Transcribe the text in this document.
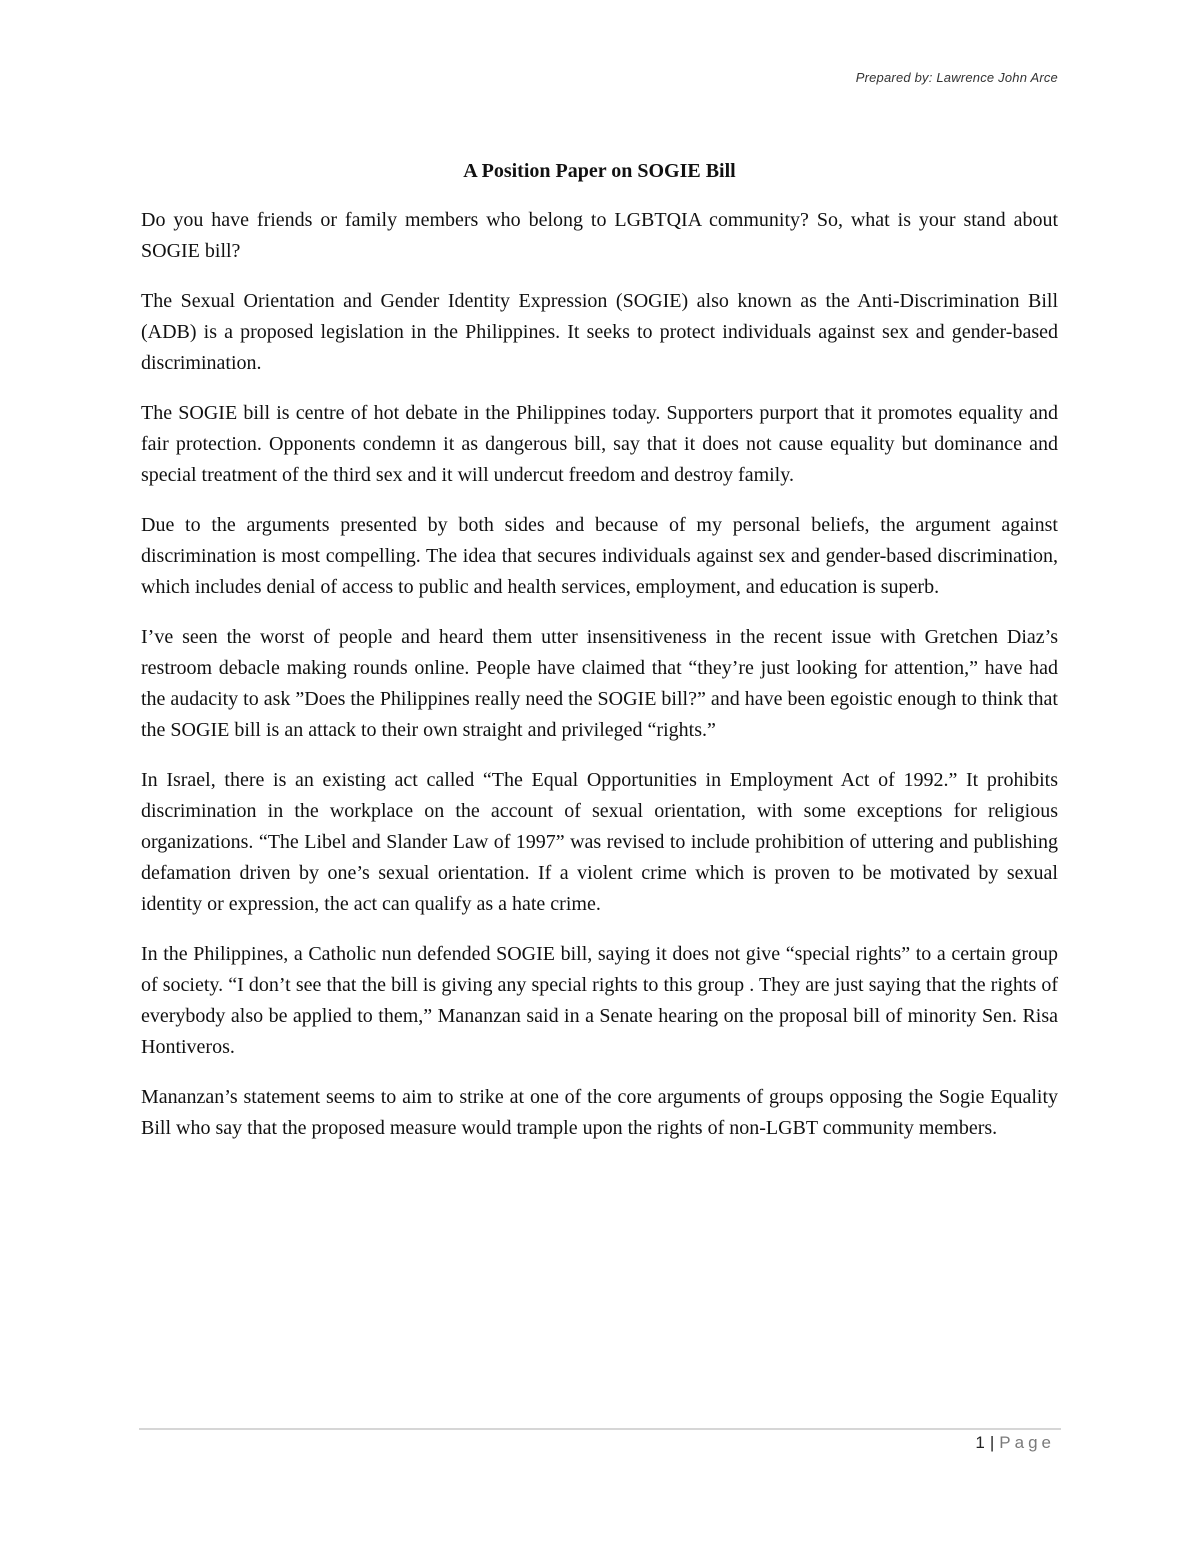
Prepared by: Lawrence John Arce
A Position Paper on SOGIE Bill

Do you have friends or family members who belong to LGBTQIA community? So, what is your stand about SOGIE bill?

The Sexual Orientation and Gender Identity Expression (SOGIE) also known as the Anti-Discrimination Bill (ADB) is a proposed legislation in the Philippines. It seeks to protect individuals against sex and gender-based discrimination.

The SOGIE bill is centre of hot debate in the Philippines today. Supporters purport that it promotes equality and fair protection. Opponents condemn it as dangerous bill, say that it does not cause equality but dominance and special treatment of the third sex and it will undercut freedom and destroy family.

Due to the arguments presented by both sides and because of my personal beliefs, the argument against discrimination is most compelling. The idea that secures individuals against sex and gender-based discrimination, which includes denial of access to public and health services, employment, and education is superb.

I’ve seen the worst of people and heard them utter insensitiveness in the recent issue with Gretchen Diaz’s restroom debacle making rounds online. People have claimed that “they’re just looking for attention,” have had the audacity to ask ”Does the Philippines really need the SOGIE bill?” and have been egoistic enough to think that the SOGIE bill is an attack to their own straight and privileged “rights.”

In Israel, there is an existing act called “The Equal Opportunities in Employment Act of 1992.” It prohibits discrimination in the workplace on the account of sexual orientation, with some exceptions for religious organizations. “The Libel and Slander Law of 1997” was revised to include prohibition of uttering and publishing defamation driven by one’s sexual orientation. If a violent crime which is proven to be motivated by sexual identity or expression, the act can qualify as a hate crime.

In the Philippines, a Catholic nun defended SOGIE bill, saying it does not give “special rights” to a certain group of society. “I don’t see that the bill is giving any special rights to this group . They are just saying that the rights of everybody also be applied to them,” Mananzan said in a Senate hearing on the proposal bill of minority Sen. Risa Hontiveros.

Mananzan’s statement seems to aim to strike at one of the core arguments of groups opposing the Sogie Equality Bill who say that the proposed measure would trample upon the rights of non-LGBT community members.

1 | Page
